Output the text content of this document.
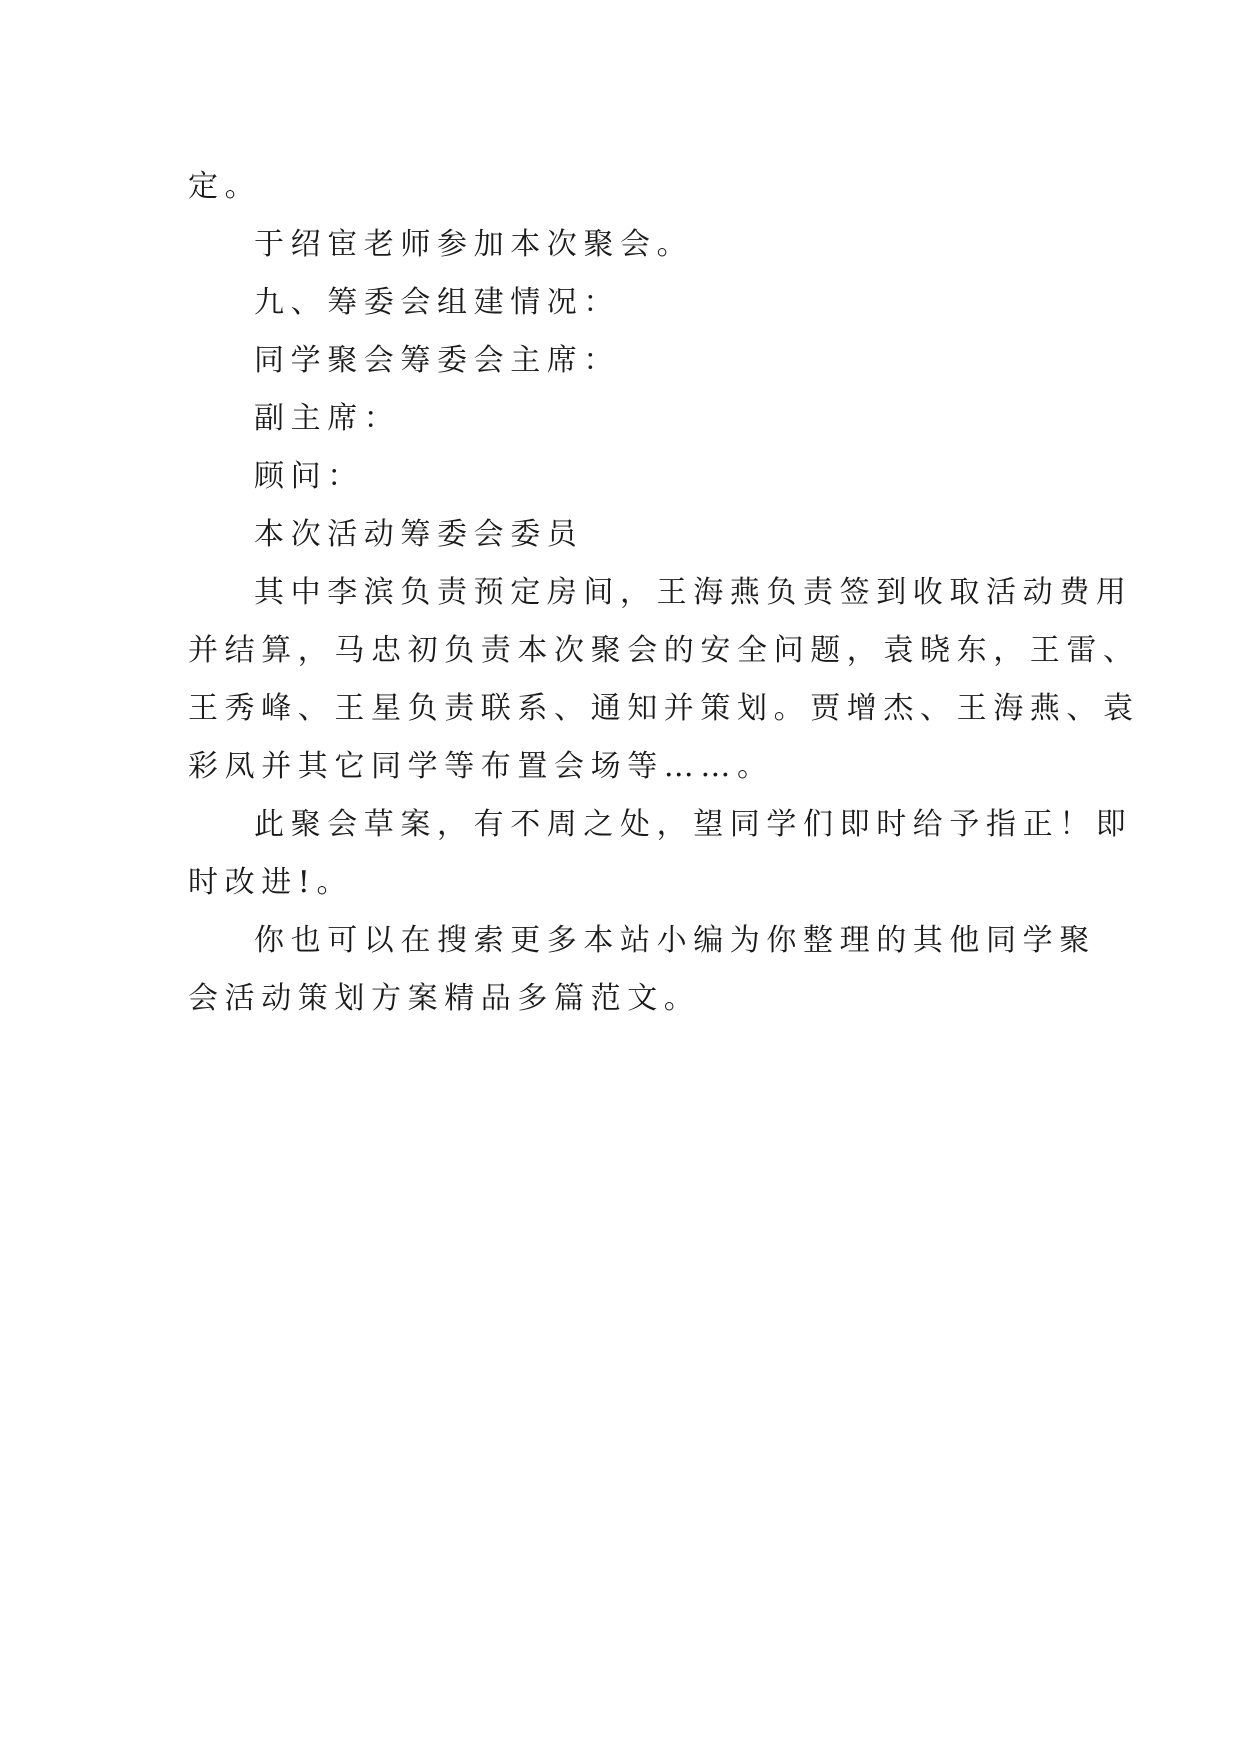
定。
于绍宦老师参加本次聚会。
九、筹委会组建情况：
同学聚会筹委会主席：
副主席：
顾问：
本次活动筹委会委员
其中李滨负责预定房间，王海燕负责签到收取活动费用
并结算，马忠初负责本次聚会的安全问题，袁晓东，王雷、
王秀峰、王星负责联系、通知并策划。贾增杰、王海燕、袁
彩凤并其它同学等布置会场等……。
此聚会草案，有不周之处，望同学们即时给予指正！即
时改进!。
你也可以在搜索更多本站小编为你整理的其他同学聚
会活动策划方案精品多篇范文。
